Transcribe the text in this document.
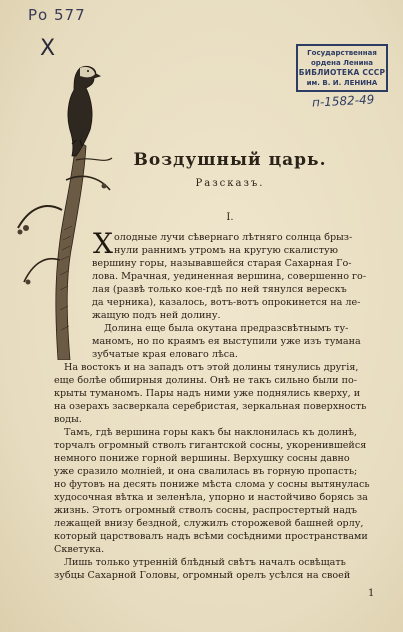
Ро 577
Х	Государственная
ордена Ленина
БИБЛИОТЕКА СССР
им. В. И. ЛЕНИНА
п-1582-49
Воздушный царь.
Разсказъ.
I.
Х олодные лучи сѣвернаго лѣтняго солнца брыз-
нули раннимъ утромъ на кругую скалистую
вершину горы, называвшейся старая Сахарная Го-
лова. Мрачная, уединенная вершина, совершенно го-
лая (развѣ только кое-гдѣ по ней тянулся верескъ
да черника), казалось, вотъ-вотъ опрокинется на ле-
жащую подъ ней долину.
Долина еще была окутана предразсвѣтнымъ ту-
маномъ, но по краямъ ея выступили уже изъ тумана
зубчатые края еловаго лѣса.
На востокъ и на западъ отъ этой долины тянулись другія,
еще болѣе обширныя долины. Онѣ не такъ сильно были по-
крыты туманомъ. Пары надъ ними уже поднялись кверху, и
на озерахъ засверкала серебристая, зеркальная поверхность
воды.
Тамъ, гдѣ вершина горы какъ бы наклонилась къ долинѣ,
торчалъ огромный стволъ гигантской сосны, укоренившейся
немного пониже горной вершины. Верхушку сосны давно
уже сразило молніей, и она свалилась въ горную пропасть;
но футовъ на десять пониже мѣста слома у сосны вытянулась
худосочная вѣтка и зеленѣла, упорно и настойчиво борясь за
жизнь. Этотъ огромный стволъ сосны, распростертый надъ
лежащей внизу бездной, служилъ сторожевой башней орлу,
который царствовалъ надъ всѣми сосѣдними пространствами
Скветука.
Лишь только утренній блѣдный свѣтъ началъ освѣщать
зубцы Сахарной Головы, огромный орелъ усѣлся на своей
1
